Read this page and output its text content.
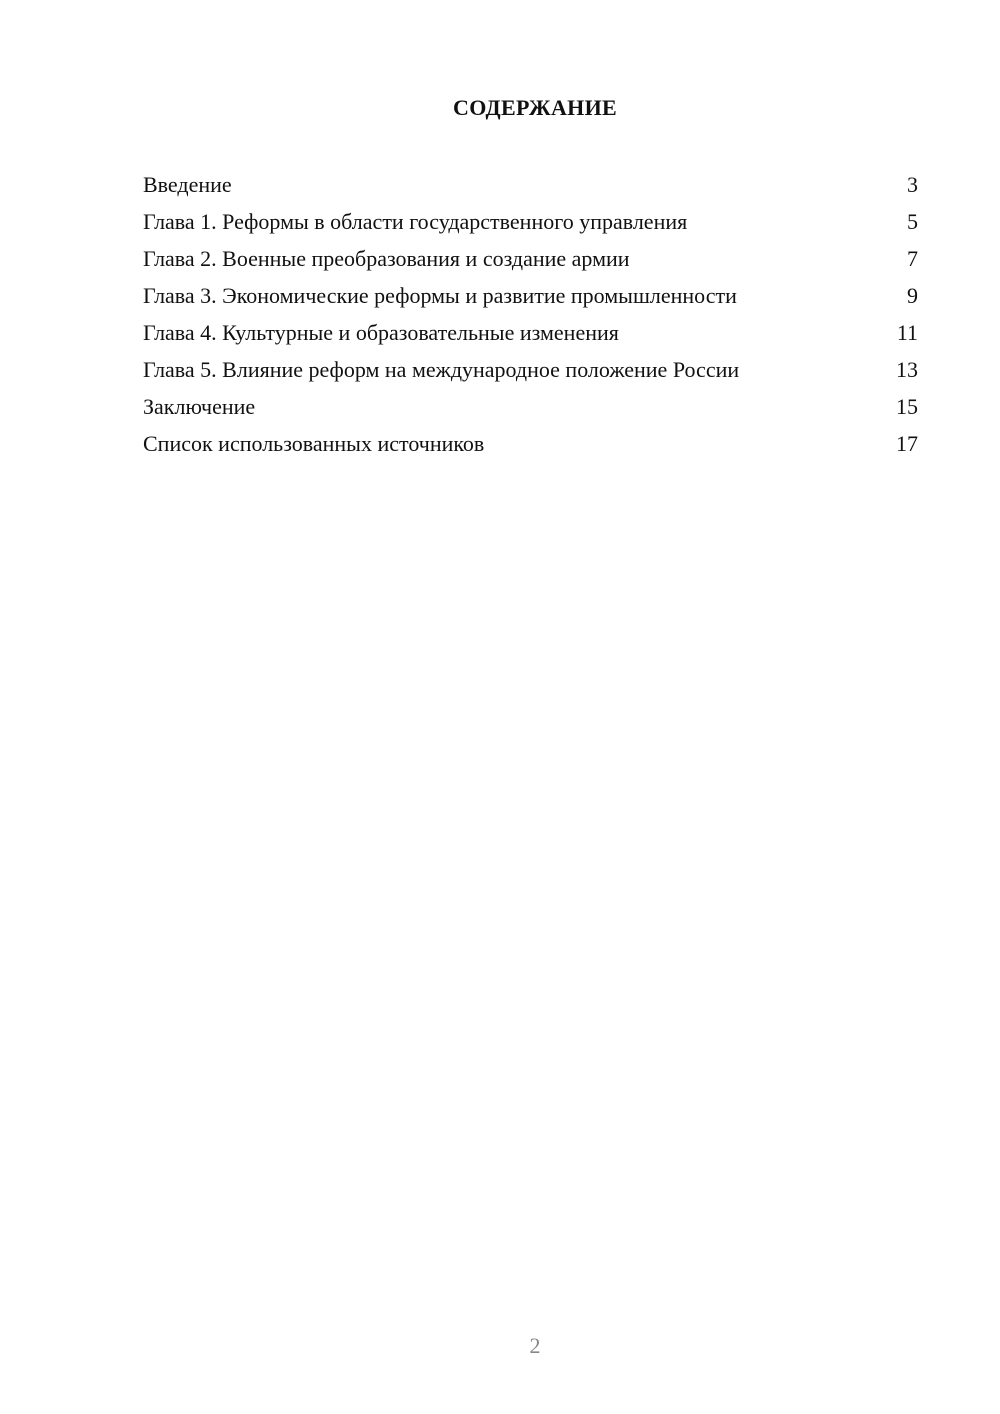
СОДЕРЖАНИЕ
Введение	3
Глава 1. Реформы в области государственного управления	5
Глава 2. Военные преобразования и создание армии	7
Глава 3. Экономические реформы и развитие промышленности	9
Глава 4. Культурные и образовательные изменения	11
Глава 5. Влияние реформ на международное положение России	13
Заключение	15
Список использованных источников	17
2
